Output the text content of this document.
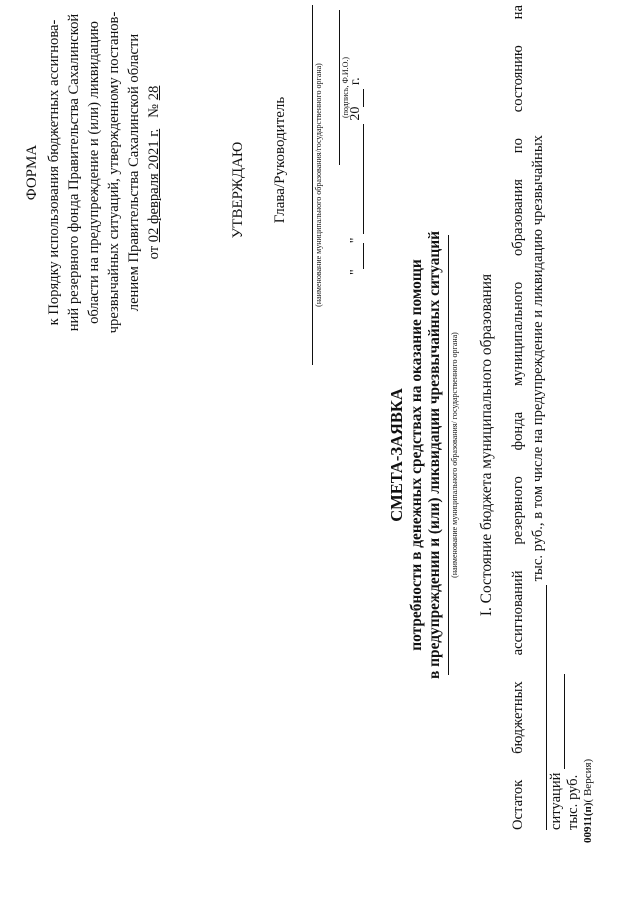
ФОРМА к Порядку использования бюджетных ассигнова- ний резервного фонда Правительства Сахалинской области на предупреждение и (или) ликвидацию чрезвычайных ситуаций, утвержденному постанов- лением Правительства Сахалинской области от 02 февраля 2021 г.   № 28
УТВЕРЖДАЮ Глава/Руководитель	(наименование муниципального образования/государственного органа) (подпись, Ф.И.О.)
""  20 г.
СМЕТА-ЗАЯВКА потребности в денежных средствах на оказание помощи в предупреждении и (или) ликвидации чрезвычайных ситуаций (наименование муниципального образования/ государственного органа) I. Состояние бюджета муниципального образования
Остаток
бюджетных
ассигнований
резервного
фонда
муниципального
образования
по
состоянию
на
тыс. руб., в том числе на предупреждение и ликвидацию чрезвычайных
ситуаций  тыс. руб. 00911(п)( Версия)
